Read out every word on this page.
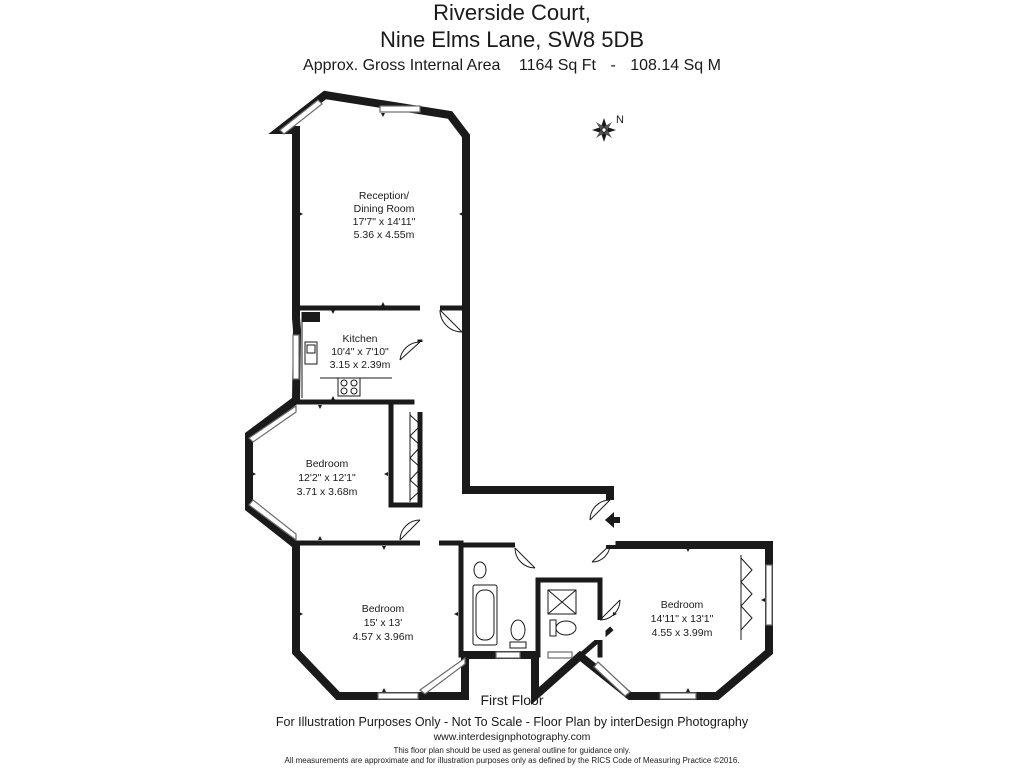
Riverside Court,
Nine Elms Lane, SW8 5DB
Approx. Gross Internal Area 1164 Sq Ft - 108.14 Sq M
N
Reception/
Dining Room
17'7" x 14'11"
5.36 x 4.55m
Kitchen
10'4" x 7'10"
3.15 x 2.39m
Bedroom
12'2" x 12'1"
3.71 x 3.68m
Bedroom
15' x 13'
4.57 x 3.96m
Bedroom
14'11" x 13'1"
4.55 x 3.99m
First Floor
For Illustration Purposes Only - Not To Scale - Floor Plan by interDesign Photography
www.interdesignphotography.com
This floor plan should be used as general outline for guidance only.
All measurements are approximate and for illustration purposes only as defined by the RICS Code of Measuring Practice ©2016.
